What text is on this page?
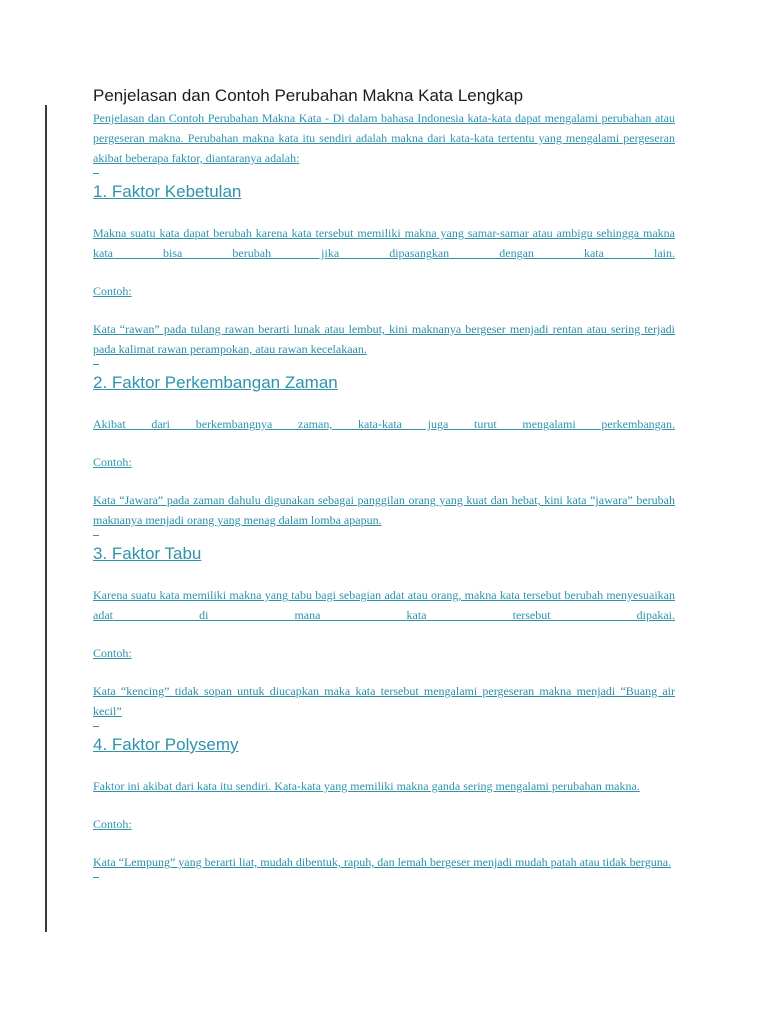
Penjelasan dan Contoh Perubahan Makna Kata Lengkap

Penjelasan dan Contoh Perubahan Makna Kata - Di dalam bahasa Indonesia kata-kata dapat mengalami perubahan atau pergeseran makna. Perubahan makna kata itu sendiri adalah makna dari kata-kata tertentu yang mengalami pergeseran akibat beberapa faktor, diantaranya adalah:

1. Faktor Kebetulan

Makna suatu kata dapat berubah karena kata tersebut memiliki makna yang samar-samar atau ambigu sehingga makna kata bisa berubah jika dipasangkan dengan kata lain.

Contoh:

Kata “rawan” pada tulang rawan berarti lunak atau lembut, kini maknanya bergeser menjadi rentan atau sering terjadi pada kalimat rawan perampokan, atau rawan kecelakaan.

2. Faktor Perkembangan Zaman

Akibat dari berkembangnya zaman, kata-kata juga turut mengalami perkembangan.

Contoh:

Kata “Jawara” pada zaman dahulu digunakan sebagai panggilan orang yang kuat dan hebat, kini kata “jawara” berubah maknanya menjadi orang yang menag dalam lomba apapun.

3. Faktor Tabu

Karena suatu kata memiliki makna yang tabu bagi sebagian adat atau orang, makna kata tersebut berubah menyesuaikan adat di mana kata tersebut dipakai.

Contoh:

Kata “kencing” tidak sopan untuk diucapkan maka kata tersebut mengalami pergeseran makna menjadi “Buang air kecil”

4. Faktor Polysemy

Faktor ini akibat dari kata itu sendiri. Kata-kata yang memiliki makna ganda sering mengalami perubahan makna.

Contoh:

Kata “Lempung” yang berarti liat, mudah dibentuk, rapuh, dan lemah bergeser menjadi mudah patah atau tidak berguna.
